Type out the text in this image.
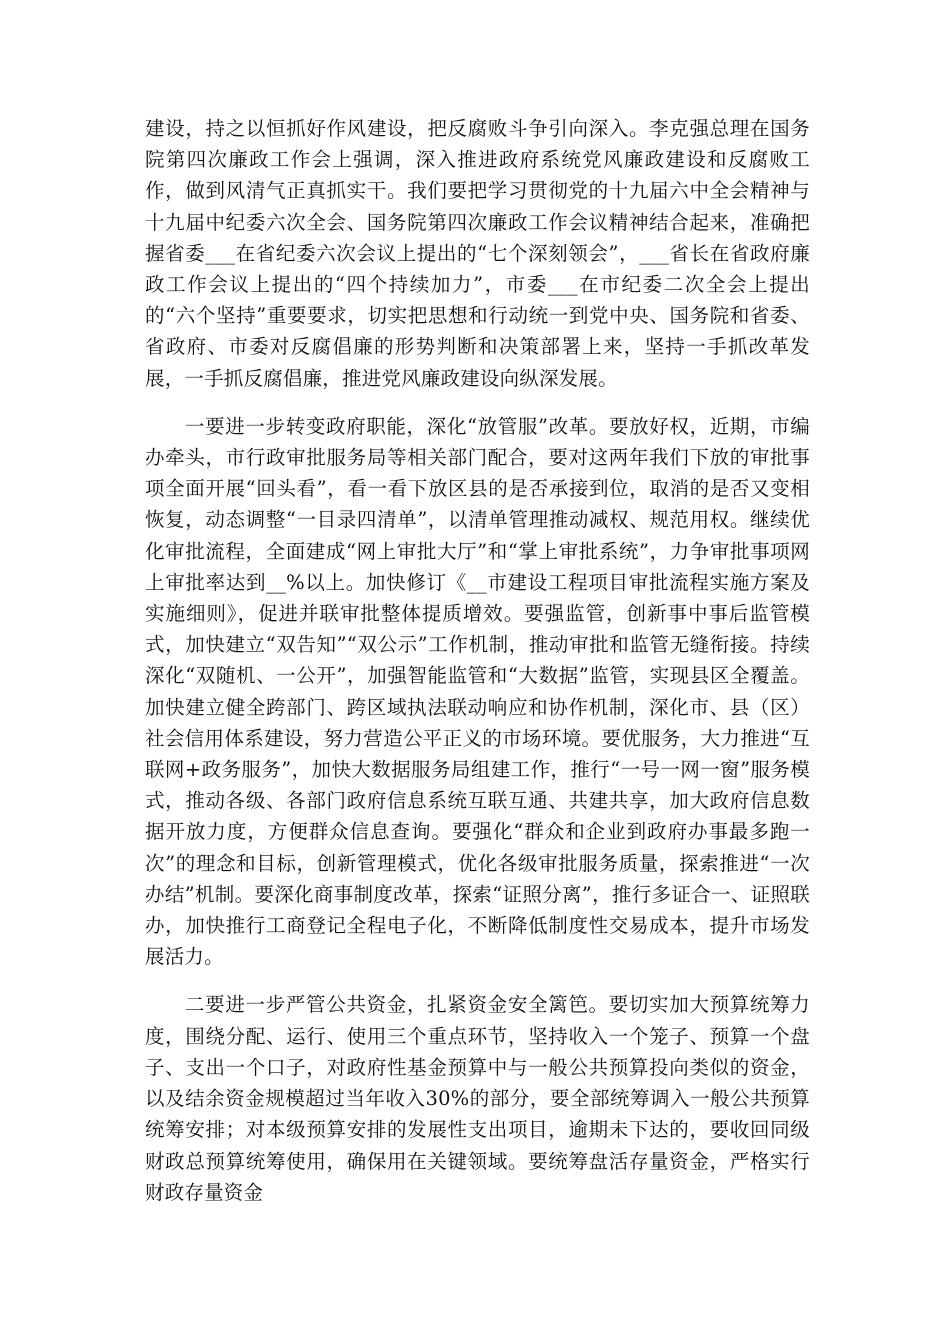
建设，持之以恒抓好作风建设，把反腐败斗争引向深入。李克强总理在国务院第四次廉政工作会上强调，深入推进政府系统党风廉政建设和反腐败工作，做到风清气正真抓实干。我们要把学习贯彻党的十九届六中全会精神与十九届中纪委六次全会、国务院第四次廉政工作会议精神结合起来，准确把握省委___在省纪委六次会议上提出的“七个深刻领会”，___省长在省政府廉政工作会议上提出的“四个持续加力”，市委___在市纪委二次全会上提出的“六个坚持”重要要求，切实把思想和行动统一到党中央、国务院和省委、省政府、市委对反腐倡廉的形势判断和决策部署上来，坚持一手抓改革发展，一手抓反腐倡廉，推进党风廉政建设向纵深发展。

一要进一步转变政府职能，深化“放管服”改革。要放好权，近期，市编办牵头，市行政审批服务局等相关部门配合，要对这两年我们下放的审批事项全面开展“回头看”，看一看下放区县的是否承接到位，取消的是否又变相恢复，动态调整“一目录四清单”，以清单管理推动减权、规范用权。继续优化审批流程，全面建成“网上审批大厅”和“掌上审批系统”，力争审批事项网上审批率达到__%以上。加快修订《__市建设工程项目审批流程实施方案及实施细则》，促进并联审批整体提质增效。要强监管，创新事中事后监管模式，加快建立“双告知”“双公示”工作机制，推动审批和监管无缝衔接。持续深化“双随机、一公开”，加强智能监管和“大数据”监管，实现县区全覆盖。加快建立健全跨部门、跨区域执法联动响应和协作机制，深化市、县（区）社会信用体系建设，努力营造公平正义的市场环境。要优服务，大力推进“互联网+政务服务”，加快大数据服务局组建工作，推行“一号一网一窗”服务模式，推动各级、各部门政府信息系统互联互通、共建共享，加大政府信息数据开放力度，方便群众信息查询。要强化“群众和企业到政府办事最多跑一次”的理念和目标，创新管理模式，优化各级审批服务质量，探索推进“一次办结”机制。要深化商事制度改革，探索“证照分离”，推行多证合一、证照联办，加快推行工商登记全程电子化，不断降低制度性交易成本，提升市场发展活力。

二要进一步严管公共资金，扎紧资金安全篱笆。要切实加大预算统筹力度，围绕分配、运行、使用三个重点环节，坚持收入一个笼子、预算一个盘子、支出一个口子，对政府性基金预算中与一般公共预算投向类似的资金，以及结余资金规模超过当年收入30%的部分，要全部统筹调入一般公共预算统筹安排；对本级预算安排的发展性支出项目，逾期未下达的，要收回同级财政总预算统筹使用，确保用在关键领域。要统筹盘活存量资金，严格实行财政存量资金
